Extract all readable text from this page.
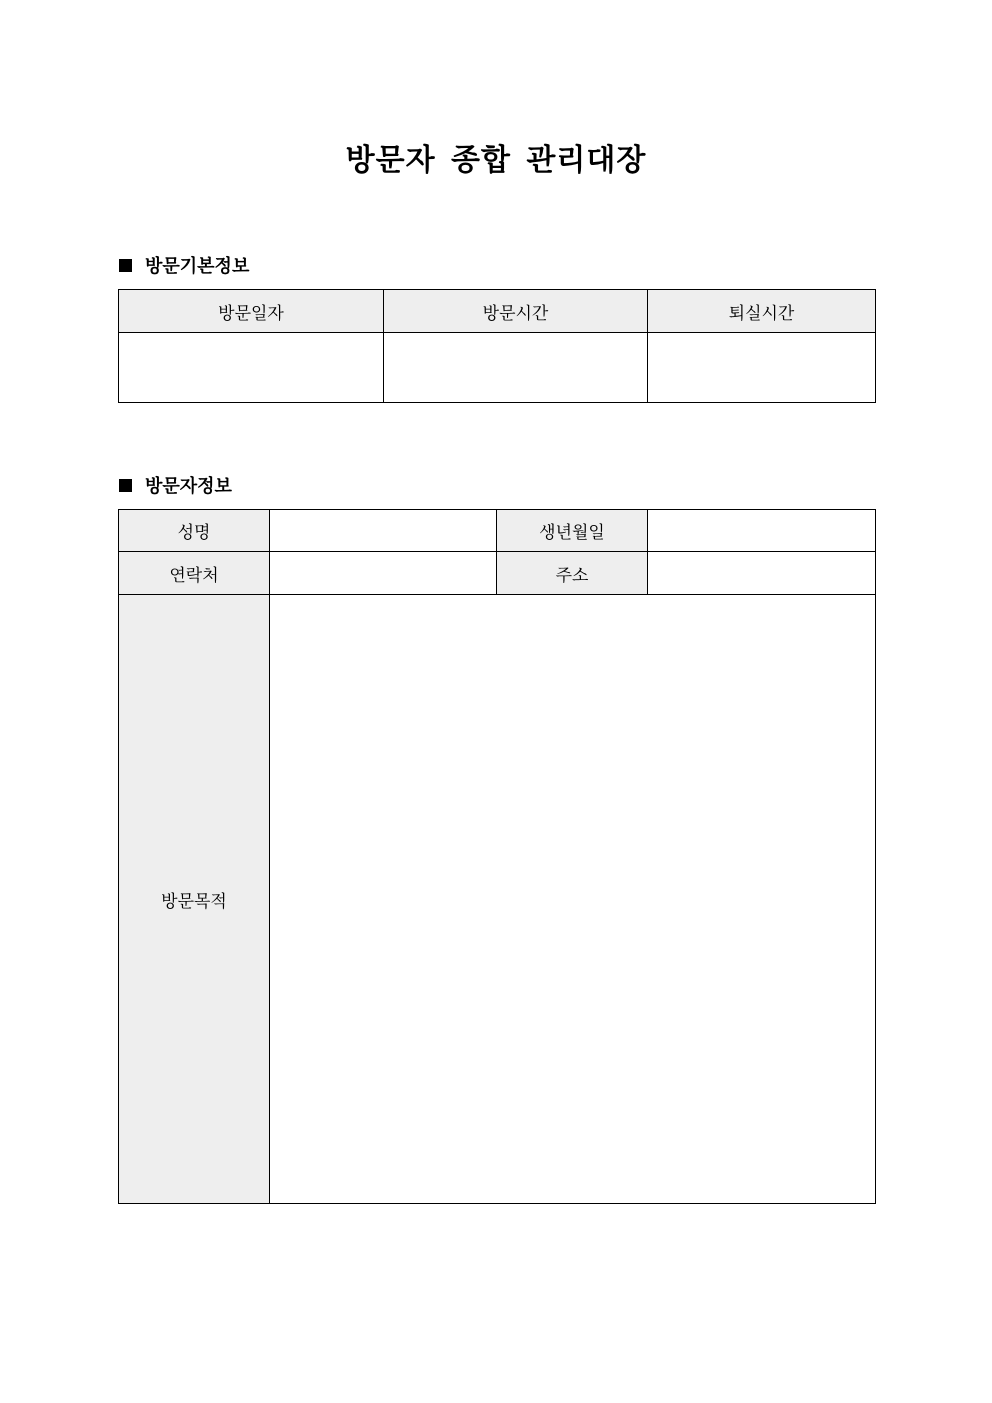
방문자 종합 관리대장
방문기본정보
방문일자	방문시간	퇴실시간

방문자정보
성명		생년월일	
연락처		주소	
방문목적			
